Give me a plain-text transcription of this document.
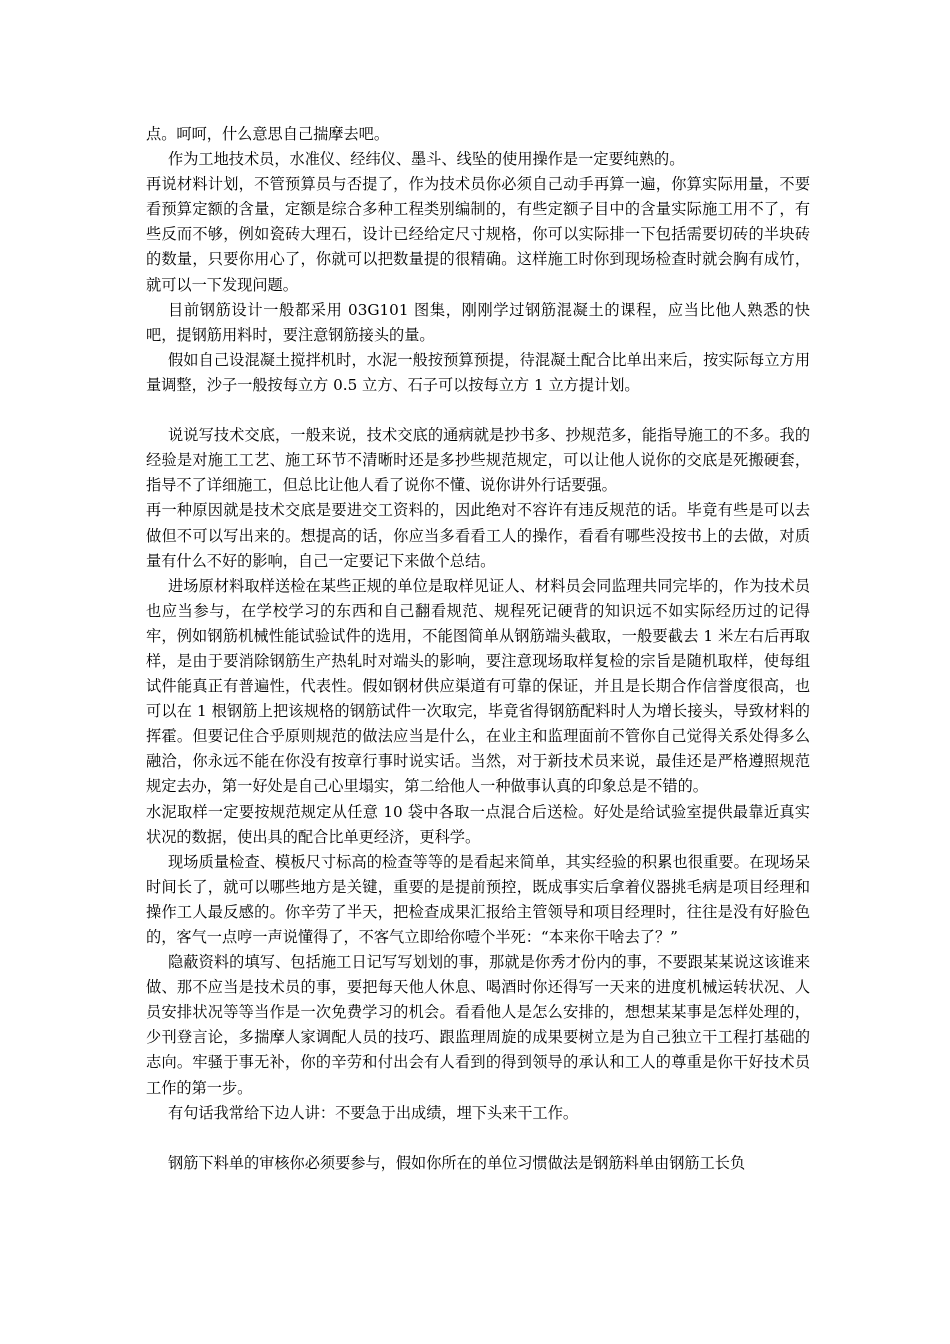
点。呵呵，什么意思自己揣摩去吧。

作为工地技术员，水准仪、经纬仪、墨斗、线坠的使用操作是一定要纯熟的。

再说材料计划，不管预算员与否提了，作为技术员你必须自己动手再算一遍，你算实际用量，不要看预算定额的含量，定额是综合多种工程类别编制的，有些定额子目中的含量实际施工用不了，有些反而不够，例如瓷砖大理石，设计已经给定尺寸规格，你可以实际排一下包括需要切砖的半块砖的数量，只要你用心了，你就可以把数量提的很精确。这样施工时你到现场检查时就会胸有成竹，就可以一下发现问题。

目前钢筋设计一般都采用 03G101 图集，刚刚学过钢筋混凝土的课程，应当比他人熟悉的快吧，提钢筋用料时，要注意钢筋接头的量。

假如自己设混凝土搅拌机时，水泥一般按预算预提，待混凝土配合比单出来后，按实际每立方用量调整，沙子一般按每立方 0.5 立方、石子可以按每立方 1 立方提计划。

说说写技术交底，一般来说，技术交底的通病就是抄书多、抄规范多，能指导施工的不多。我的经验是对施工工艺、施工环节不清晰时还是多抄些规范规定，可以让他人说你的交底是死搬硬套，指导不了详细施工，但总比让他人看了说你不懂、说你讲外行话要强。

再一种原因就是技术交底是要进交工资料的，因此绝对不容许有违反规范的话。毕竟有些是可以去做但不可以写出来的。想提高的话，你应当多看看工人的操作，看看有哪些没按书上的去做，对质量有什么不好的影响，自己一定要记下来做个总结。

进场原材料取样送检在某些正规的单位是取样见证人、材料员会同监理共同完毕的，作为技术员也应当参与，在学校学习的东西和自己翻看规范、规程死记硬背的知识远不如实际经历过的记得牢，例如钢筋机械性能试验试件的选用，不能图简单从钢筋端头截取，一般要截去 1 米左右后再取样，是由于要消除钢筋生产热轧时对端头的影响，要注意现场取样复检的宗旨是随机取样，使每组试件能真正有普遍性，代表性。假如钢材供应渠道有可靠的保证，并且是长期合作信誉度很高，也可以在 1 根钢筋上把该规格的钢筋试件一次取完，毕竟省得钢筋配料时人为增长接头，导致材料的挥霍。但要记住合乎原则规范的做法应当是什么，在业主和监理面前不管你自己觉得关系处得多么融洽，你永远不能在你没有按章行事时说实话。当然，对于新技术员来说，最佳还是严格遵照规范规定去办，第一好处是自己心里塌实，第二给他人一种做事认真的印象总是不错的。

水泥取样一定要按规范规定从任意 10 袋中各取一点混合后送检。好处是给试验室提供最靠近真实状况的数据，使出具的配合比单更经济，更科学。

现场质量检查、模板尺寸标高的检查等等的是看起来简单，其实经验的积累也很重要。在现场呆时间长了，就可以哪些地方是关键，重要的是提前预控，既成事实后拿着仪器挑毛病是项目经理和操作工人最反感的。你辛劳了半天，把检查成果汇报给主管领导和项目经理时，往往是没有好脸色的，客气一点哼一声说懂得了，不客气立即给你噎个半死：“本来你干啥去了？”

隐蔽资料的填写、包括施工日记写写划划的事，那就是你秀才份内的事，不要跟某某说这该谁来做、那不应当是技术员的事，要把每天他人休息、喝酒时你还得写一天来的进度机械运转状况、人员安排状况等等当作是一次免费学习的机会。看看他人是怎么安排的，想想某某事是怎样处理的，少刊登言论，多揣摩人家调配人员的技巧、跟监理周旋的成果要树立是为自己独立干工程打基础的志向。牢骚于事无补，你的辛劳和付出会有人看到的得到领导的承认和工人的尊重是你干好技术员工作的第一步。

有句话我常给下边人讲：不要急于出成绩，埋下头来干工作。

钢筋下料单的审核你必须要参与，假如你所在的单位习惯做法是钢筋料单由钢筋工长负
